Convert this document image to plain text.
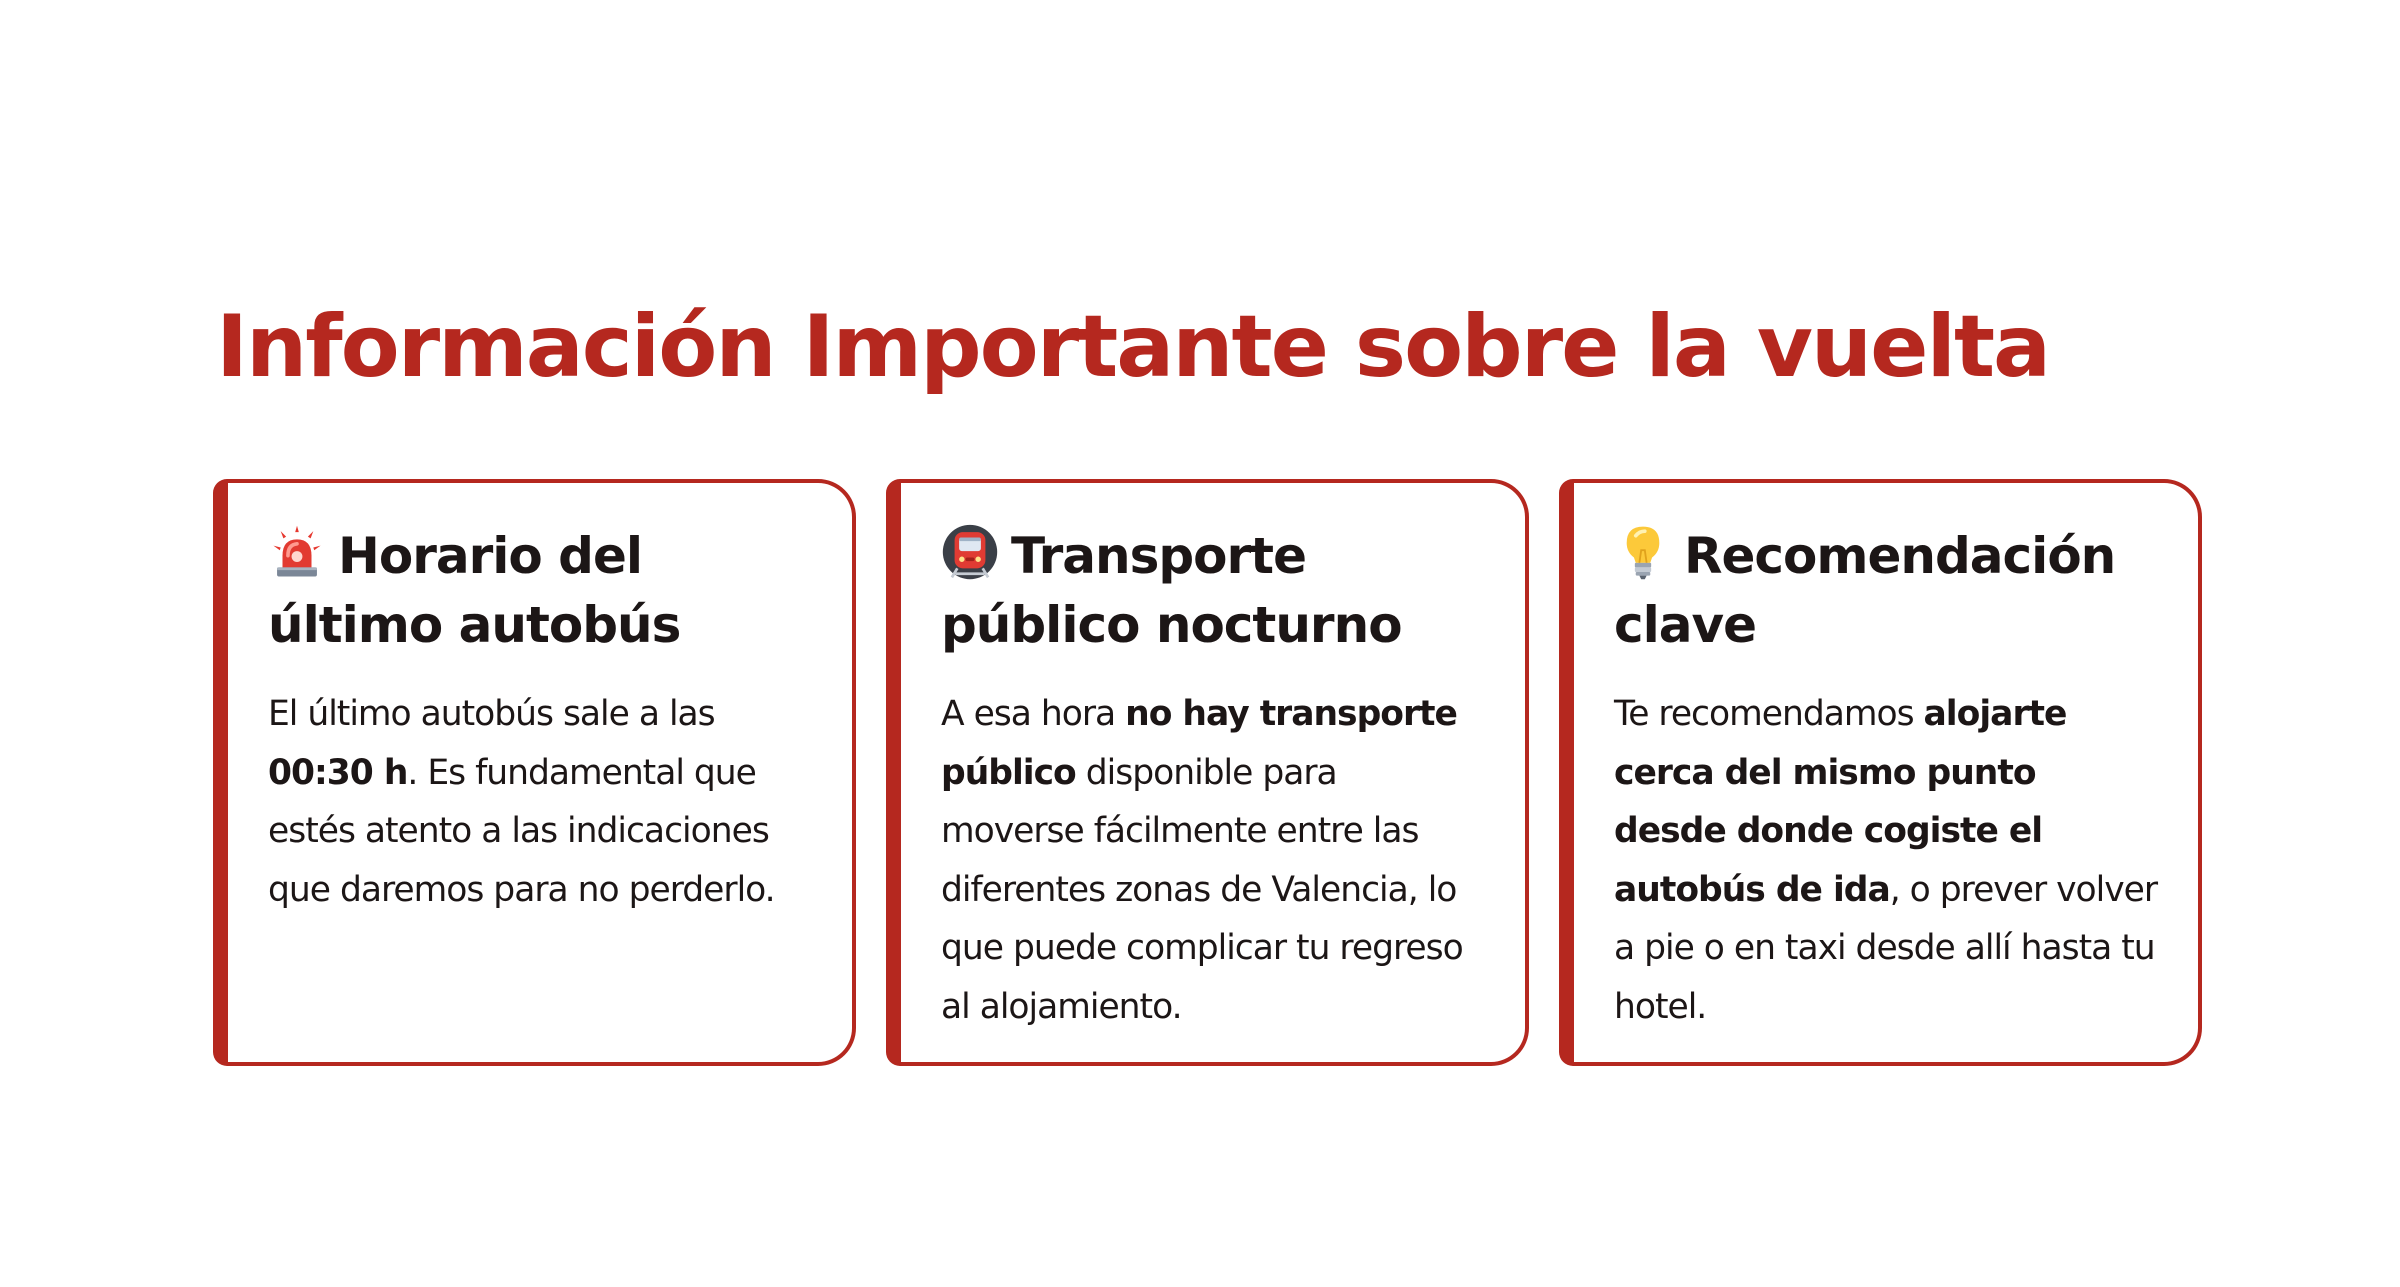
Información Importante sobre la vuelta
Horario del último autobús

El último autobús sale a las 00:30 h. Es fundamental que estés atento a las indicaciones que daremos para no perderlo.

Transporte público nocturno

A esa hora no hay transporte público disponible para moverse fácilmente entre las diferentes zonas de Valencia, lo que puede complicar tu regreso al alojamiento.

Recomendación clave

Te recomendamos alojarte cerca del mismo punto desde donde cogiste el autobús de ida, o prever volver a pie o en taxi desde allí hasta tu hotel.
